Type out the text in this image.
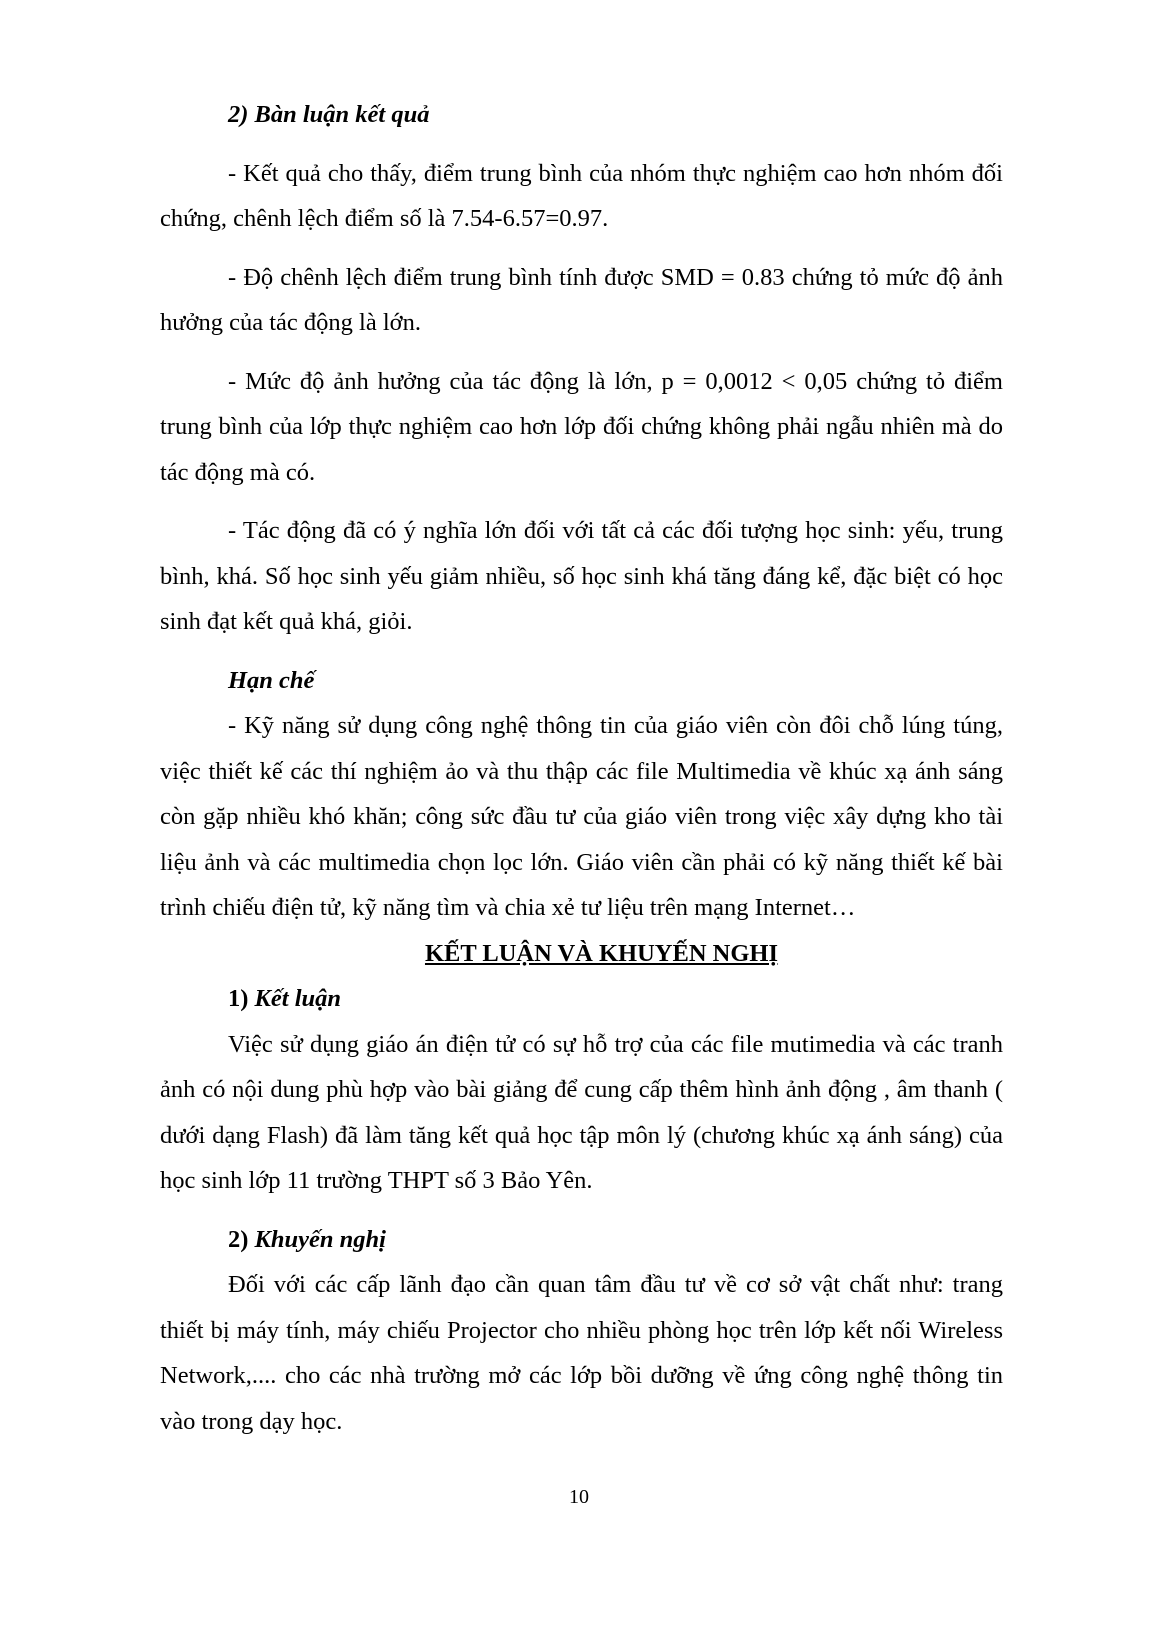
2) Bàn luận kết quả

- Kết quả cho thấy, điểm trung bình của nhóm thực nghiệm cao hơn nhóm đối chứng, chênh lệch điểm số là 7.54-6.57=0.97.

- Độ chênh lệch điểm trung bình tính được SMD = 0.83 chứng tỏ mức độ ảnh hưởng của tác động là lớn.

- Mức độ ảnh hưởng của tác động là lớn, p = 0,0012 < 0,05 chứng tỏ điểm trung bình của lớp thực nghiệm cao hơn lớp đối chứng không phải ngẫu nhiên mà do tác động mà có.

- Tác động đã có ý nghĩa lớn đối với tất cả các đối tượng học sinh: yếu, trung bình, khá. Số học sinh yếu giảm nhiều, số học sinh khá tăng đáng kể, đặc biệt có học sinh đạt kết quả khá, giỏi.

Hạn chế

- Kỹ năng sử dụng công nghệ thông tin của giáo viên còn đôi chỗ lúng túng, việc thiết kế các thí nghiệm ảo và thu thập các file Multimedia về khúc xạ ánh sáng còn gặp nhiều khó khăn; công sức đầu tư của giáo viên trong việc xây dựng kho tài liệu ảnh và các multimedia chọn lọc lớn. Giáo viên cần phải có kỹ năng thiết kế bài trình chiếu điện tử, kỹ năng tìm và chia xẻ tư liệu trên mạng Internet…

KẾT LUẬN VÀ KHUYẾN NGHỊ
1) Kết luận

Việc sử dụng giáo án điện tử có sự hỗ trợ của các file mutimedia và các tranh ảnh có nội dung phù hợp vào bài giảng để cung cấp thêm hình ảnh động , âm thanh ( dưới dạng Flash) đã làm tăng kết quả học tập môn lý (chương khúc xạ ánh sáng) của học sinh lớp 11 trường THPT số 3 Bảo Yên.

2) Khuyến nghị

Đối với các cấp lãnh đạo cần quan tâm đầu tư về cơ sở vật chất như: trang thiết bị máy tính, máy chiếu Projector cho nhiều phòng học trên lớp kết nối Wireless Network,.... cho các nhà trường mở các lớp bồi dưỡng về ứng công nghệ thông tin vào trong dạy học.

10
